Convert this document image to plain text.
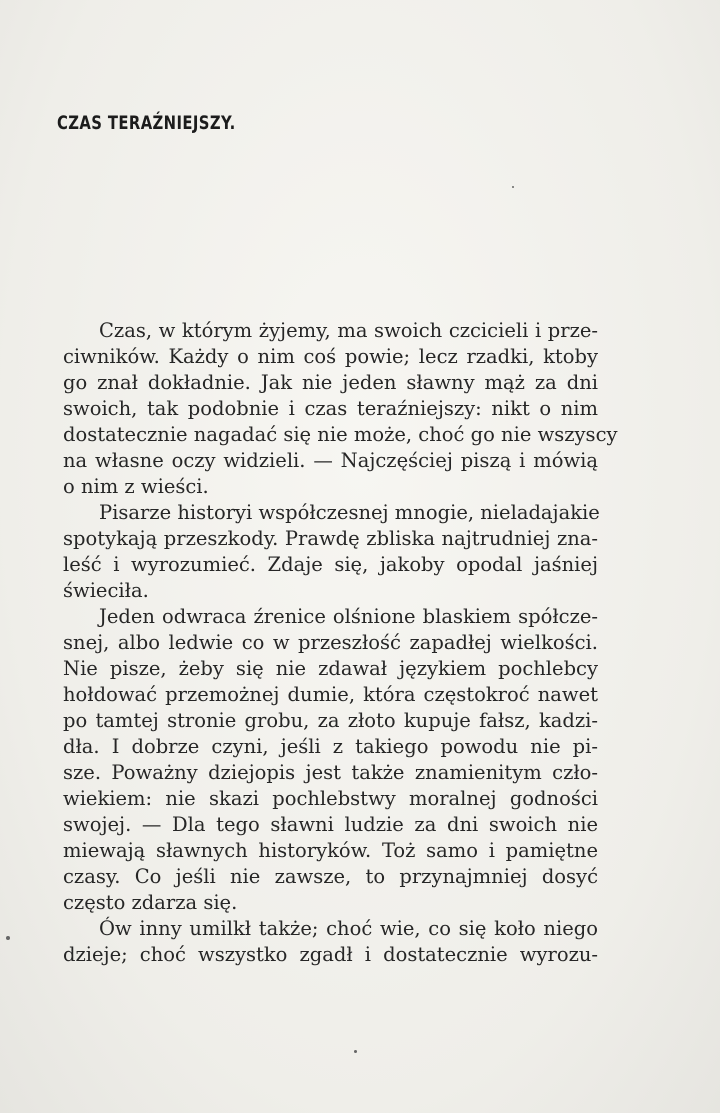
CZAS TERAŹNIEJSZY.
Czas, w którym żyjemy, ma swoich czcicieli i prze-
ciwników. Każdy o nim coś powie; lecz rzadki, ktoby
go znał dokładnie. Jak nie jeden sławny mąż za dni
swoich, tak podobnie i czas teraźniejszy: nikt o nim
dostatecznie nagadać się nie może, choć go nie wszyscy
na własne oczy widzieli. — Najczęściej piszą i mówią
o nim z wieści.
Pisarze historyi współczesnej mnogie, nieladajakie
spotykają przeszkody. Prawdę zbliska najtrudniej zna-
leść i wyrozumieć. Zdaje się, jakoby opodal jaśniej
świeciła.
Jeden odwraca źrenice olśnione blaskiem spółcze-
snej, albo ledwie co w przeszłość zapadłej wielkości.
Nie pisze, żeby się nie zdawał językiem pochlebcy
hołdować przemożnej dumie, która częstokroć nawet
po tamtej stronie grobu, za złoto kupuje fałsz, kadzi-
dła. I dobrze czyni, jeśli z takiego powodu nie pi-
sze. Poważny dziejopis jest także znamienitym czło-
wiekiem: nie skazi pochlebstwy moralnej godności
swojej. — Dla tego sławni ludzie za dni swoich nie
miewają sławnych historyków. Toż samo i pamiętne
czasy. Co jeśli nie zawsze, to przynajmniej dosyć
często zdarza się.
Ów inny umilkł także; choć wie, co się koło niego
dzieje; choć wszystko zgadł i dostatecznie wyrozu-
